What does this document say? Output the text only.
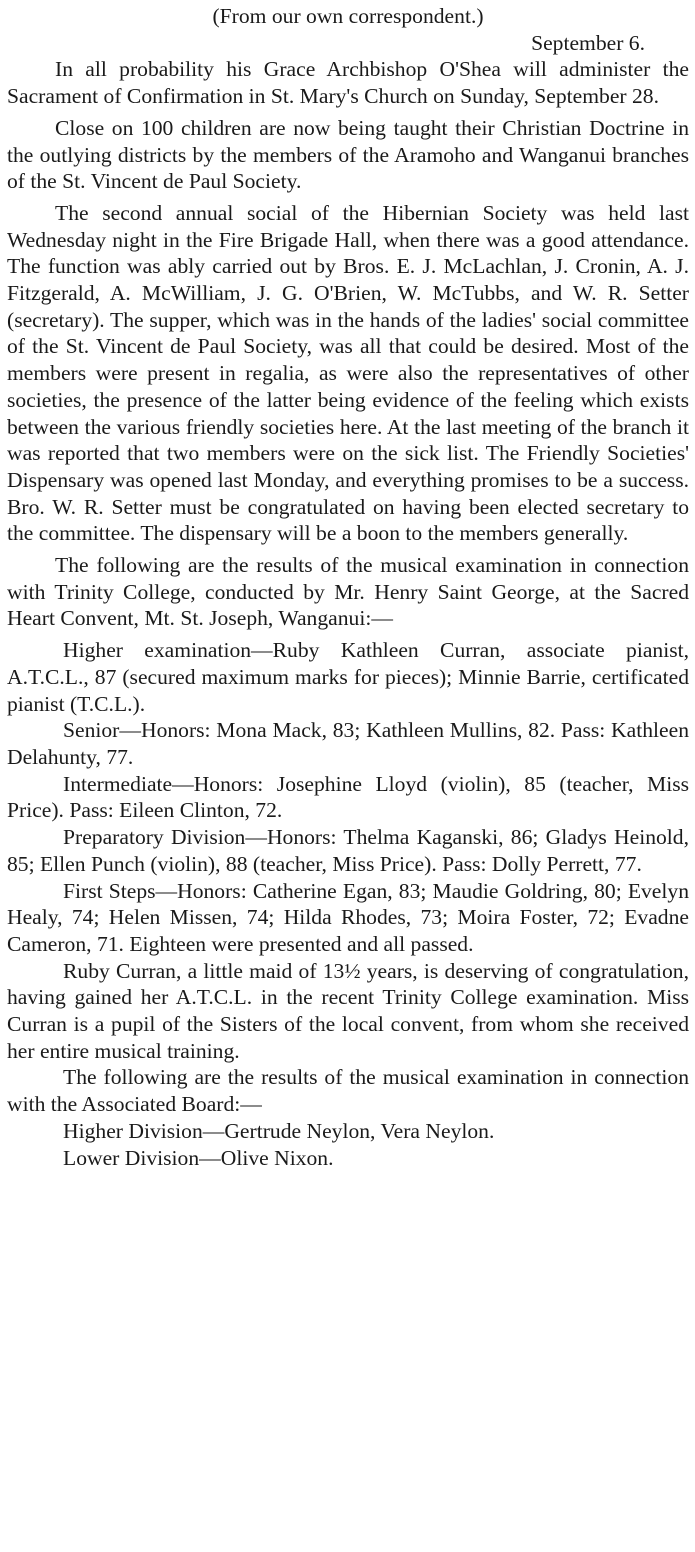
(From our own correspondent.)

September 6.

In all probability his Grace Archbishop O'Shea will administer the Sacrament of Confirmation in St. Mary's Church on Sunday, September 28.

Close on 100 children are now being taught their Christian Doctrine in the outlying districts by the members of the Aramoho and Wanganui branches of the St. Vincent de Paul Society.

The second annual social of the Hibernian Society was held last Wednesday night in the Fire Brigade Hall, when there was a good attendance. The function was ably carried out by Bros. E. J. McLachlan, J. Cronin, A. J. Fitzgerald, A. McWilliam, J. G. O'Brien, W. McTubbs, and W. R. Setter (secretary). The supper, which was in the hands of the ladies' social committee of the St. Vincent de Paul Society, was all that could be desired. Most of the members were present in regalia, as were also the representatives of other societies, the presence of the latter being evidence of the feeling which exists between the various friendly societies here. At the last meeting of the branch it was reported that two members were on the sick list. The Friendly Societies' Dispensary was opened last Monday, and everything promises to be a success. Bro. W. R. Setter must be congratulated on having been elected secretary to the committee. The dispensary will be a boon to the members generally.

The following are the results of the musical examination in connection with Trinity College, conducted by Mr. Henry Saint George, at the Sacred Heart Convent, Mt. St. Joseph, Wanganui:—

Higher examination—Ruby Kathleen Curran, associate pianist, A.T.C.L., 87 (secured maximum marks for pieces); Minnie Barrie, certificated pianist (T.C.L.).

Senior—Honors: Mona Mack, 83; Kathleen Mullins, 82. Pass: Kathleen Delahunty, 77.

Intermediate—Honors: Josephine Lloyd (violin), 85 (teacher, Miss Price). Pass: Eileen Clinton, 72.

Preparatory Division—Honors: Thelma Kaganski, 86; Gladys Heinold, 85; Ellen Punch (violin), 88 (teacher, Miss Price). Pass: Dolly Perrett, 77.

First Steps—Honors: Catherine Egan, 83; Maudie Goldring, 80; Evelyn Healy, 74; Helen Missen, 74; Hilda Rhodes, 73; Moira Foster, 72; Evadne Cameron, 71. Eighteen were presented and all passed.

Ruby Curran, a little maid of 13½ years, is deserving of congratulation, having gained her A.T.C.L. in the recent Trinity College examination. Miss Curran is a pupil of the Sisters of the local convent, from whom she received her entire musical training.

The following are the results of the musical examination in connection with the Associated Board:—

Higher Division—Gertrude Neylon, Vera Neylon.

Lower Division—Olive Nixon.
